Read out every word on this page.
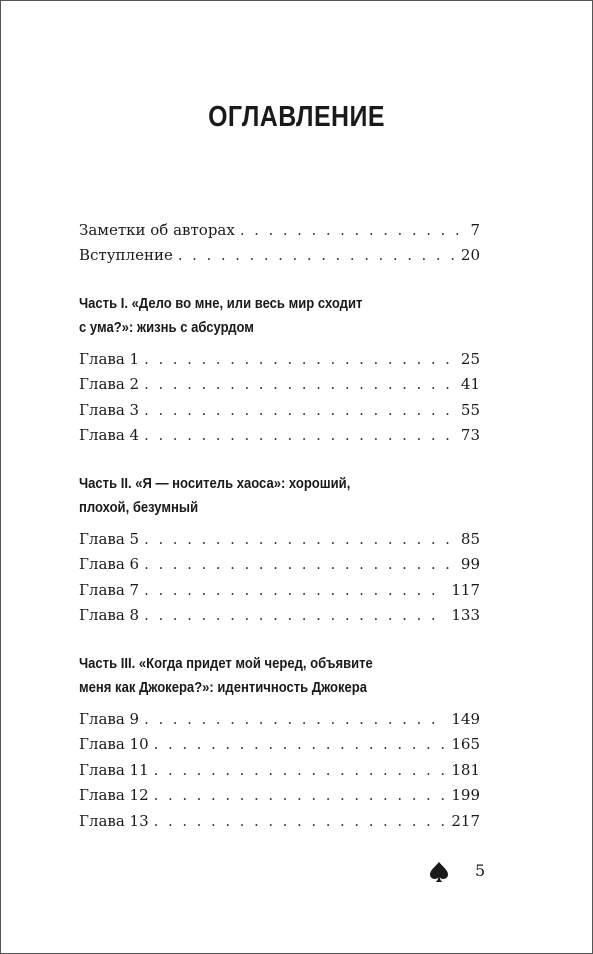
ОГЛАВЛЕНИЕ
Заметки об авторах . . .	7
Вступление . . .	20
Часть I. «Дело во мне, или весь мир сходит
с ума?»: жизнь с абсурдом
Глава 1 . . .	25
Глава 2 . . .	41
Глава 3 . . .	55
Глава 4 . . .	73
Часть II. «Я — носитель хаоса»: хороший,
плохой, безумный
Глава 5 . . .	85
Глава 6 . . .	99
Глава 7 . . .	117
Глава 8 . . .	133
Часть III. «Когда придет мой черед, объявите
меня как Джокера?»: идентичность Джокера
Глава 9 . . .	149
Глава 10 . . .	165
Глава 11 . . .	181
Глава 12 . . .	199
Глава 13 . . .	217
5
